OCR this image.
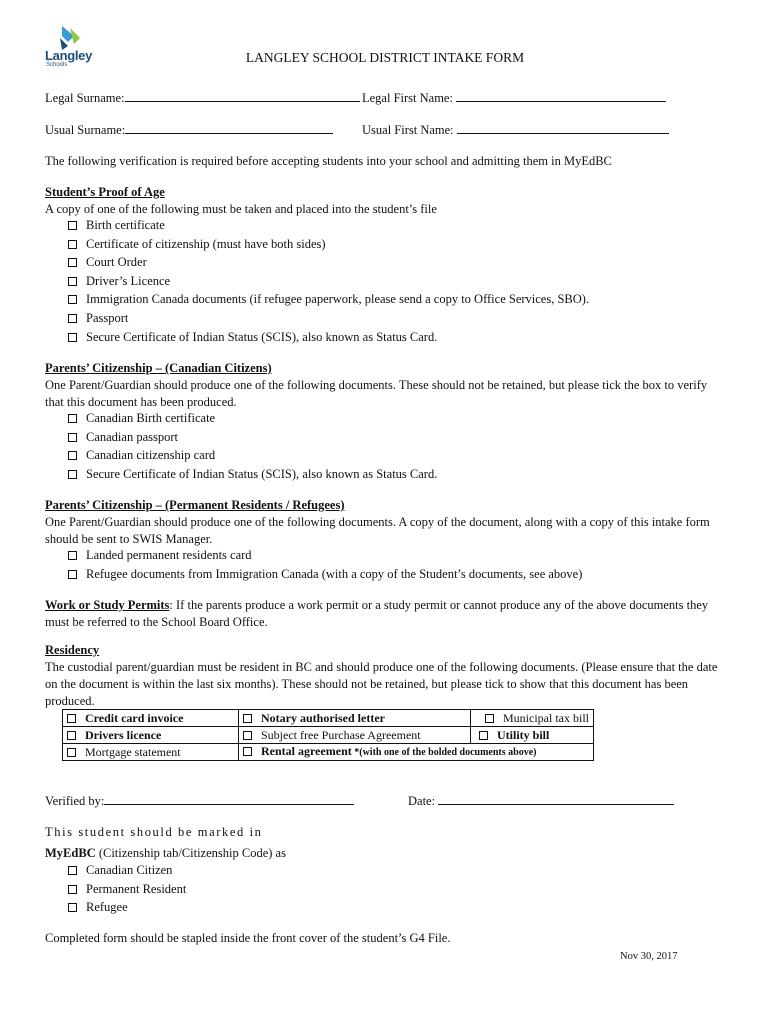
Langley
Schools	LANGLEY SCHOOL DISTRICT INTAKE FORM
Legal Surname:	Legal First Name:
Usual Surname:	Usual First Name:
The following verification is required before accepting students into your school and admitting them in MyEdBC
Student’s Proof of Age
A copy of one of the following must be taken and placed into the student’s file
Birth certificate
Certificate of citizenship (must have both sides)
Court Order
Driver’s Licence
Immigration Canada documents (if refugee paperwork, please send a copy to Office Services, SBO).
Passport
Secure Certificate of Indian Status (SCIS), also known as Status Card.
Parents’ Citizenship – (Canadian Citizens)
One Parent/Guardian should produce one of the following documents. These should not be retained, but please tick the box to verify that this document has been produced.
Canadian Birth certificate
Canadian passport
Canadian citizenship card
Secure Certificate of Indian Status (SCIS), also known as Status Card.
Parents’ Citizenship – (Permanent Residents / Refugees)
One Parent/Guardian should produce one of the following documents. A copy of the document, along with a copy of this intake form should be sent to SWIS Manager.
Landed permanent residents card
Refugee documents from Immigration Canada (with a copy of the Student’s documents, see above)
Work or Study Permits: If the parents produce a work permit or a study permit or cannot produce any of the above documents they must be referred to the School Board Office.
Residency
The custodial parent/guardian must be resident in BC and should produce one of the following documents. (Please ensure that the date on the document is within the last six months). These should not be retained, but please tick to show that this document has been produced.
Credit card invoice	Notary authorised letter	Municipal tax bill
Drivers licence	Subject free Purchase Agreement	Utility bill
Mortgage statement	Rental agreement *(with one of the bolded documents above)	
Verified by:	Date:
This student should be marked in
MyEdBC (Citizenship tab/Citizenship Code) as
Canadian Citizen
Permanent Resident
Refugee
Completed form should be stapled inside the front cover of the student’s G4 File.
Nov 30, 2017
